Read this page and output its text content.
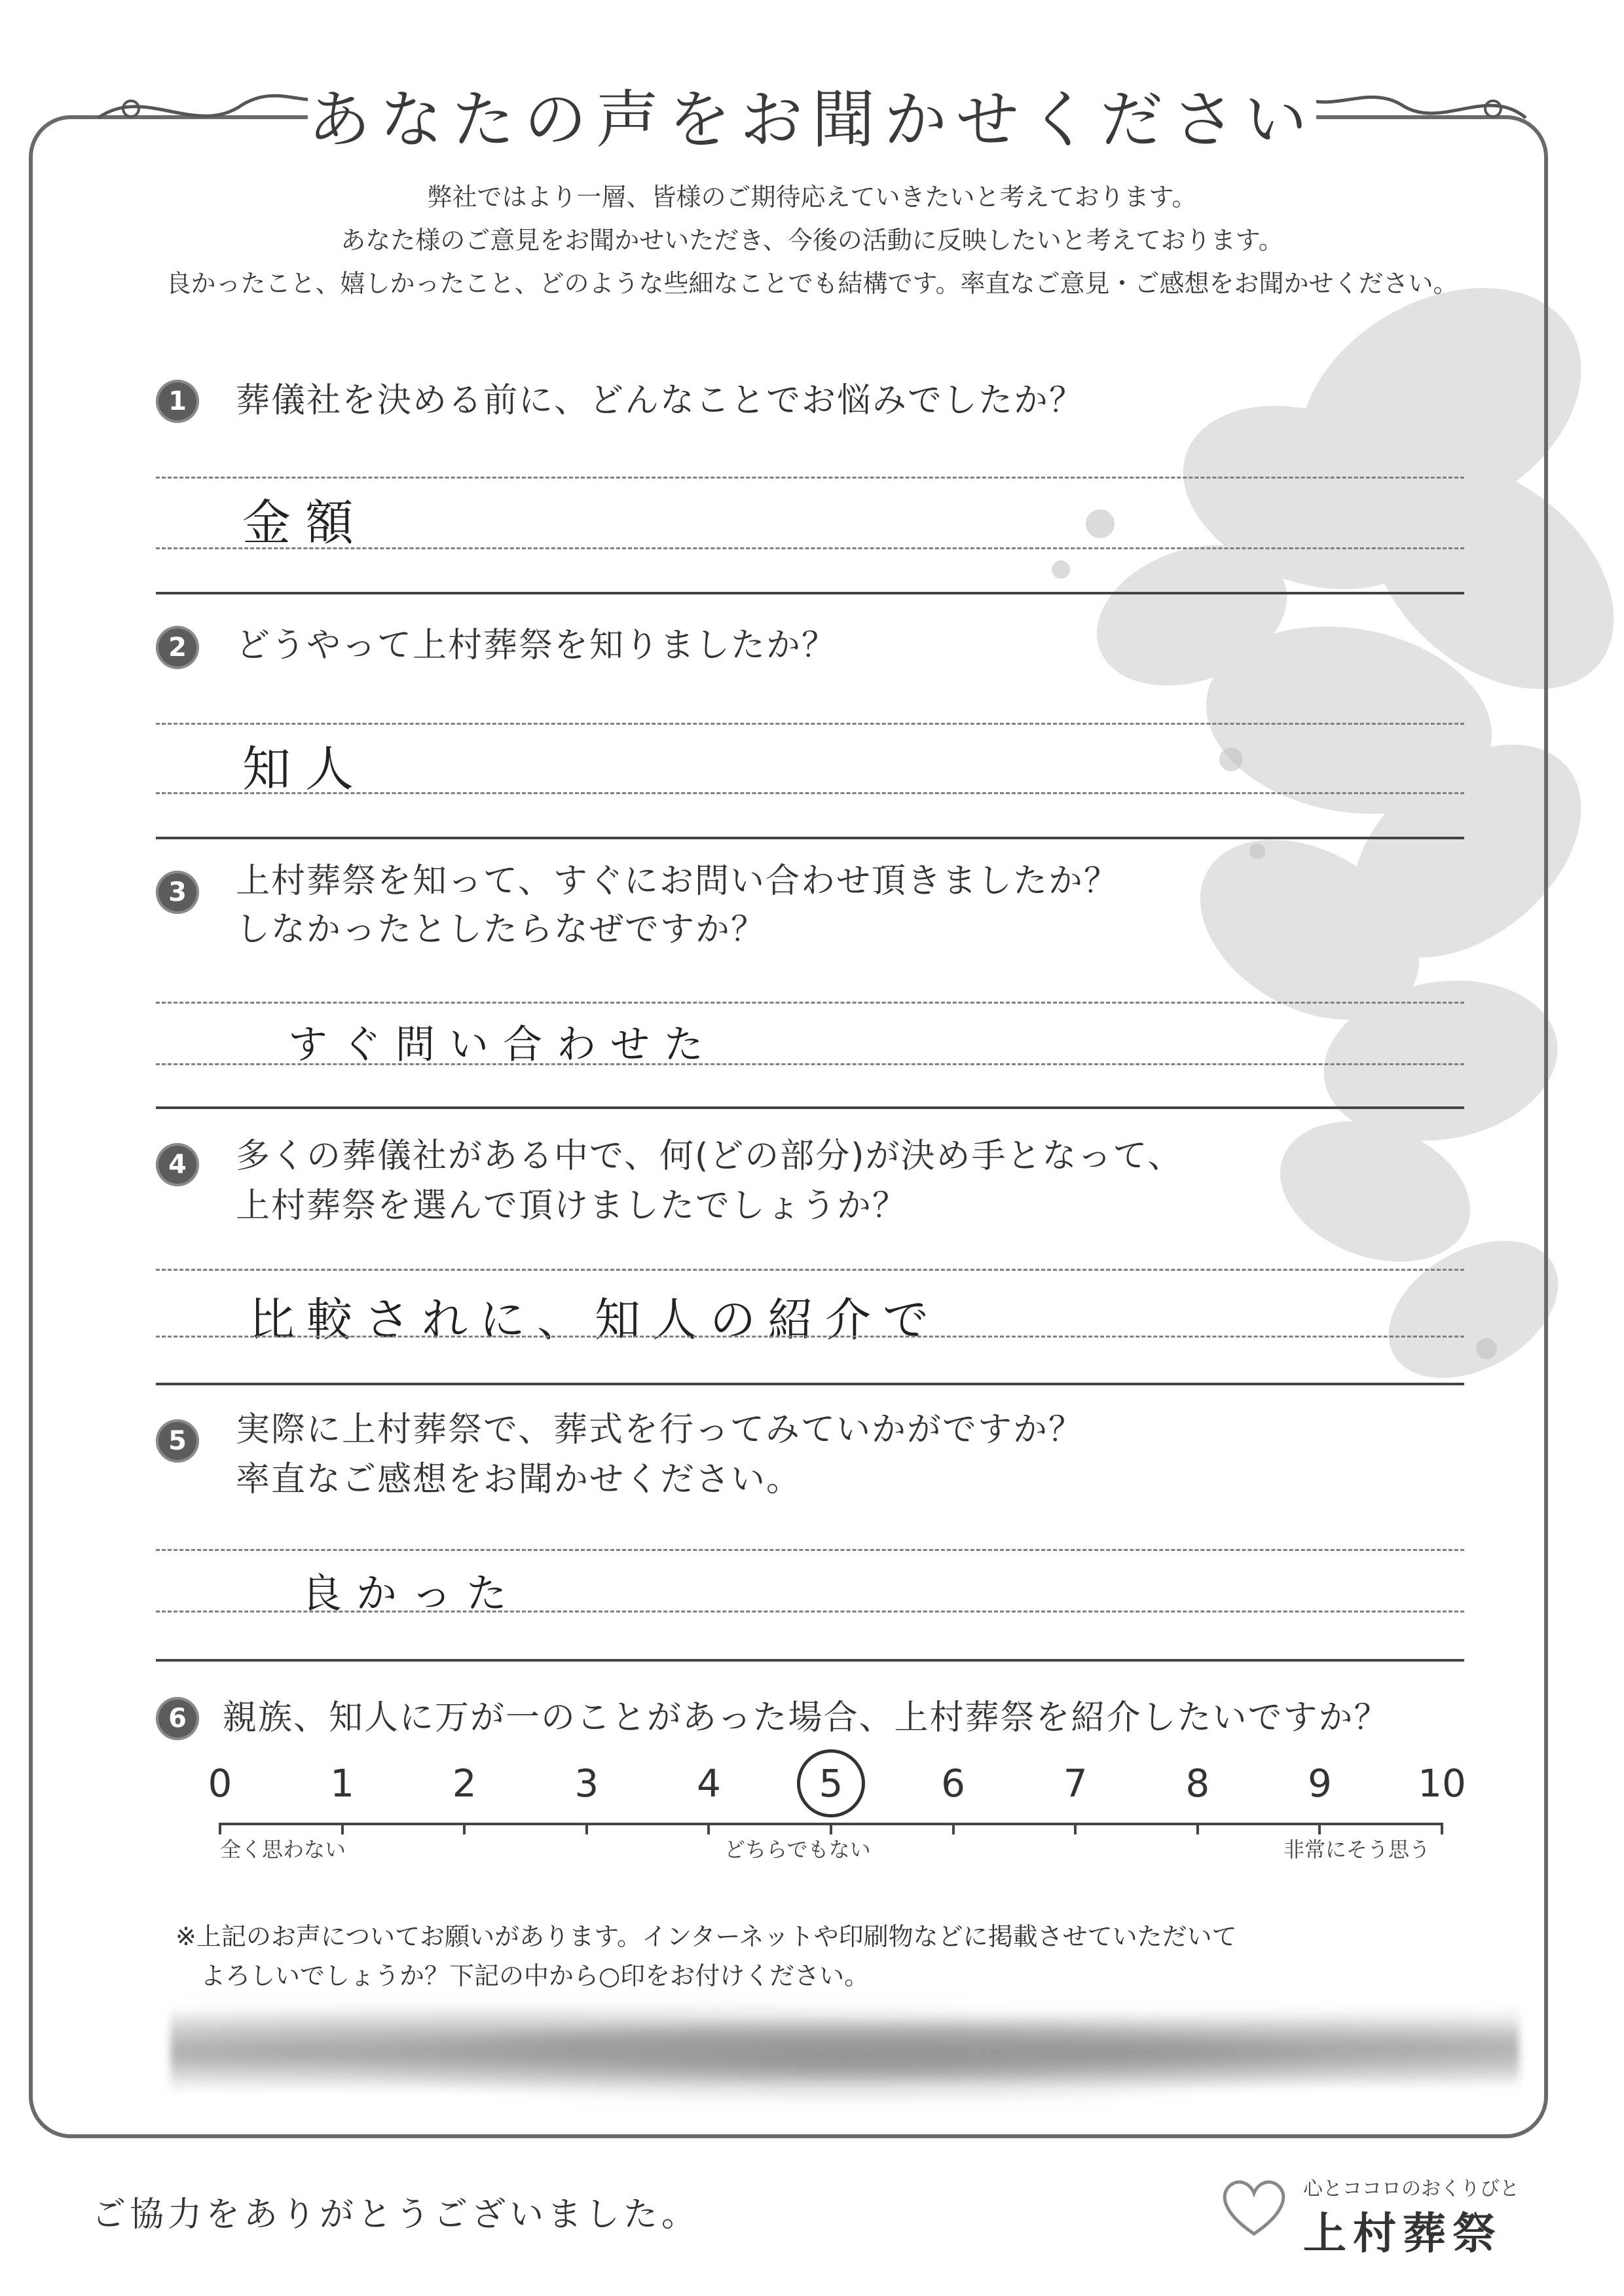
あなたの声をお聞かせください
弊社ではより一層、皆様のご期待応えていきたいと考えております。
あなた様のご意見をお聞かせいただき、今後の活動に反映したいと考えております。
良かったこと、嬉しかったこと、どのような些細なことでも結構です。率直なご意見・ご感想をお聞かせください。
1	葬儀社を決める前に、どんなことでお悩みでしたか？
金額
2	どうやって上村葬祭を知りましたか？
知人
3	上村葬祭を知って、すぐにお問い合わせ頂きましたか？
しなかったとしたらなぜですか？
すぐ問い合わせた
4	多くの葬儀社がある中で、何(どの部分)が決め手となって、
上村葬祭を選んで頂けましたでしょうか？
比較されに、知人の紹介で
5	実際に上村葬祭で、葬式を行ってみていかがですか？
率直なご感想をお聞かせください。
良かった
6	親族、知人に万が一のことがあった場合、上村葬祭を紹介したいですか？
0	1	2	3	4	5	6	7	8	9	10
全く思わない	どちらでもない	非常にそう思う
※上記のお声についてお願いがあります。インターネットや印刷物などに掲載させていただいて
よろしいでしょうか？下記の中から○印をお付けください。
ご協力をありがとうございました。
心とココロのおくりびと
上村葬祭
